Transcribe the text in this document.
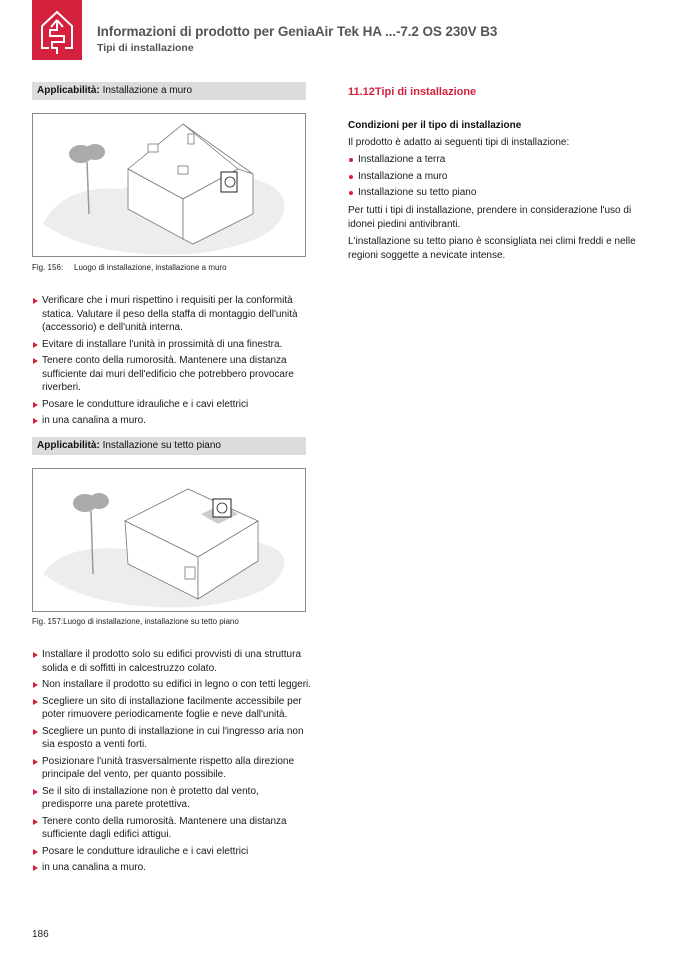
Informazioni di prodotto per GeniaAir Tek HA ...-7.2 OS 230V B3
Tipi di installazione
Applicabilità: Installazione a muro
Fig. 156: Luogo di installazione, installazione a muro
Verificare che i muri rispettino i requisiti per la conformità statica. Valutare il peso della staffa di montaggio dell'unità (accessorio) e dell'unità interna.
Evitare di installare l'unità in prossimità di una finestra.
Tenere conto della rumorosità. Mantenere una distanza sufficiente dai muri dell'edificio che potrebbero provocare riverberi.
Posare le condutture idrauliche e i cavi elettrici
in una canalina a muro.
Applicabilità: Installazione su tetto piano
Fig. 157:Luogo di installazione, installazione su tetto piano
Installare il prodotto solo su edifici provvisti di una struttura solida e di soffitti in calcestruzzo colato.
Non installare il prodotto su edifici in legno o con tetti leggeri.
Scegliere un sito di installazione facilmente accessibile per poter rimuovere periodicamente foglie e neve dall'unità.
Scegliere un punto di installazione in cui l'ingresso aria non sia esposto a venti forti.
Posizionare l'unità trasversalmente rispetto alla direzione principale del vento, per quanto possibile.
Se il sito di installazione non è protetto dal vento, predisporre una parete protettiva.
Tenere conto della rumorosità. Mantenere una distanza sufficiente dagli edifici attigui.
Posare le condutture idrauliche e i cavi elettrici
in una canalina a muro.
11.12Tipi di installazione
Condizioni per il tipo di installazione
Il prodotto è adatto ai seguenti tipi di installazione:
Installazione a terra
Installazione a muro
Installazione su tetto piano
Per tutti i tipi di installazione, prendere in considerazione l'uso di idonei piedini antivibranti.
L'installazione su tetto piano è sconsigliata nei climi freddi e nelle regioni soggette a nevicate intense.
186
